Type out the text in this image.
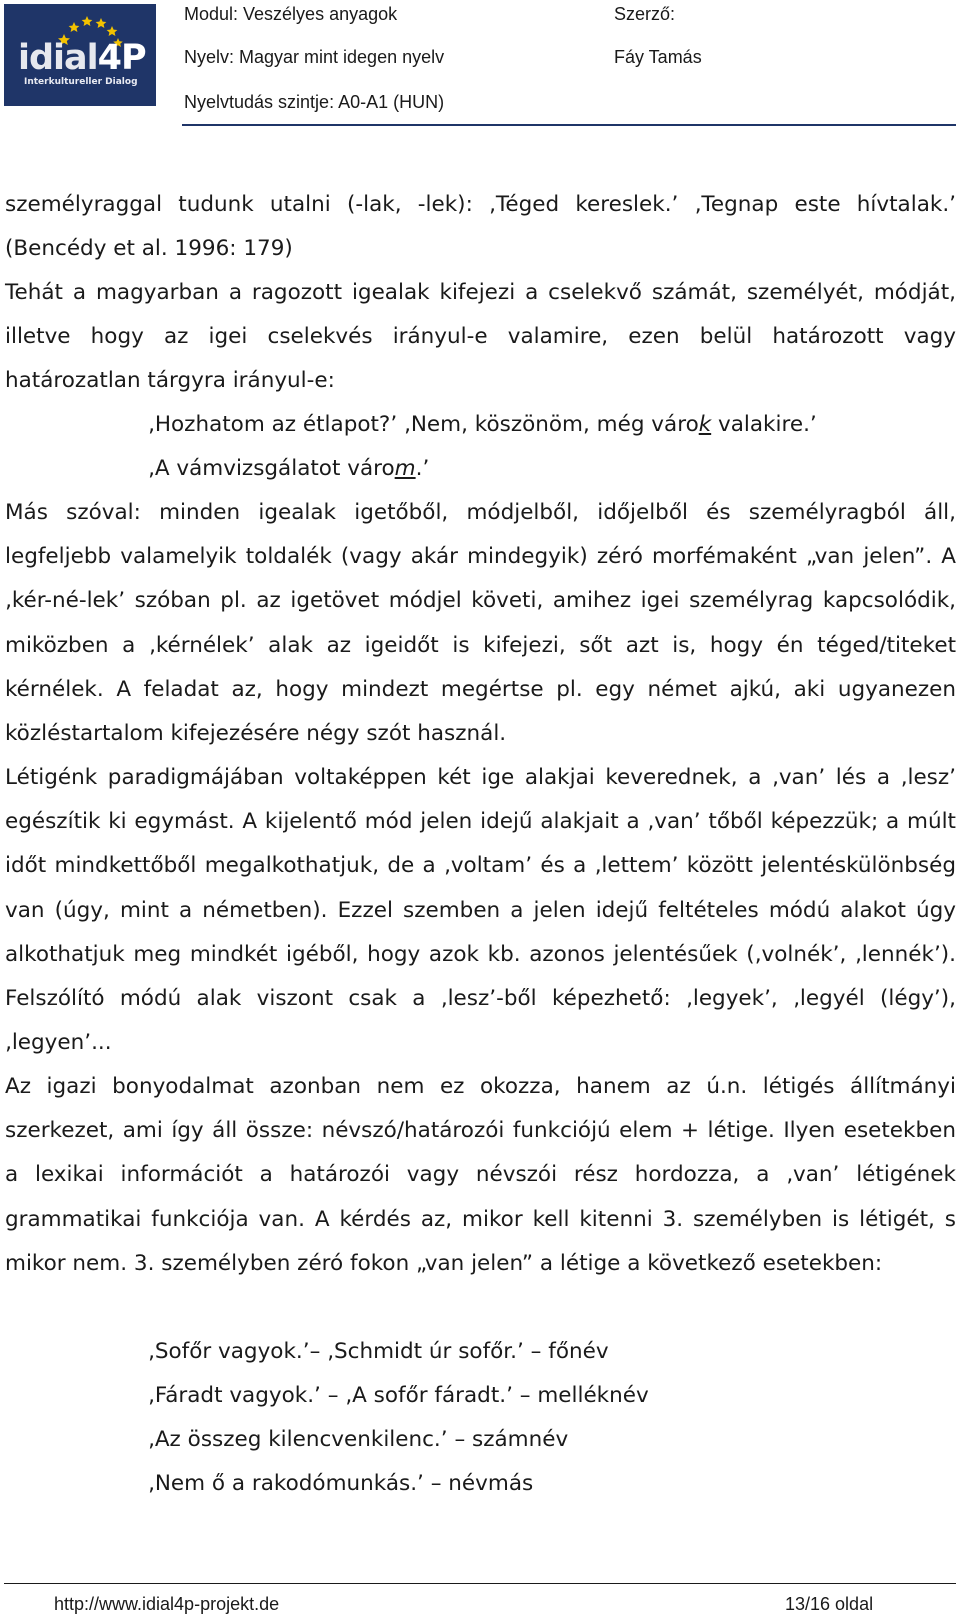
idial4P
Interkultureller Dialog
Modul: Veszélyes anyagok
Nyelv: Magyar mint idegen nyelv
Nyelvtudás szintje: A0-A1 (HUN)
Szerző:
Fáy Tamás
személyraggal tudunk utalni (-lak, -lek): ‚Téged kereslek.’ ‚Tegnap este hívtalak.’
(Bencédy et al. 1996: 179)

Tehát a magyarban a ragozott igealak kifejezi a cselekvő számát, személyét, módját, illetve hogy az igei cselekvés irányul-e valamire, ezen belül határozott vagy határozatlan tárgyra irányul-e:

‚Hozhatom az étlapot?’ ‚Nem, köszönöm, még várok valakire.’
‚A vámvizsgálatot várom.’

Más szóval: minden igealak igetőből, módjelből, időjelből és személyragból áll, legfeljebb valamelyik toldalék (vagy akár mindegyik) zéró morfémaként „van jelen”. A ‚kér-né-lek’ szóban pl. az igetövet módjel követi, amihez igei személyrag kapcsolódik, miközben a ‚kérnélek’ alak az igeidőt is kifejezi, sőt azt is, hogy én téged/titeket kérnélek. A feladat az, hogy mindezt megértse pl. egy német ajkú, aki ugyanezen közléstartalom kifejezésére négy szót használ.

Létigénk paradigmájában voltaképpen két ige alakjai keverednek, a ‚van’ lés a ‚lesz’ egészítik ki egymást. A kijelentő mód jelen idejű alakjait a ‚van’ tőből képezzük; a múlt időt mindkettőből megalkothatjuk, de a ‚voltam’ és a ‚lettem’ között jelentéskülönbség van (úgy, mint a németben). Ezzel szemben a jelen idejű feltételes módú alakot úgy alkothatjuk meg mindkét igéből, hogy azok kb. azonos jelentésűek (‚volnék’, ‚lennék’). Felszólító módú alak viszont csak a ‚lesz’-ből képezhető: ‚legyek’, ‚legyél (légy’), ‚legyen’...

Az igazi bonyodalmat azonban nem ez okozza, hanem az ú.n. létigés állítmányi szerkezet, ami így áll össze: névszó/határozói funkciójú elem + létige. Ilyen esetekben a lexikai információt a határozói vagy névszói rész hordozza, a ‚van’ létigének grammatikai funkciója van. A kérdés az, mikor kell kitenni 3. személyben is létigét, s mikor nem. 3. személyben zéró fokon „van jelen” a létige a következő esetekben:

‚Sofőr vagyok.’– ‚Schmidt úr sofőr.’ – főnév
‚Fáradt vagyok.’ – ‚A sofőr fáradt.’ – melléknév
‚Az összeg kilencvenkilenc.’ – számnév
‚Nem ő a rakodómunkás.’ – névmás
http://www.idial4p-projekt.de	13/16 oldal
